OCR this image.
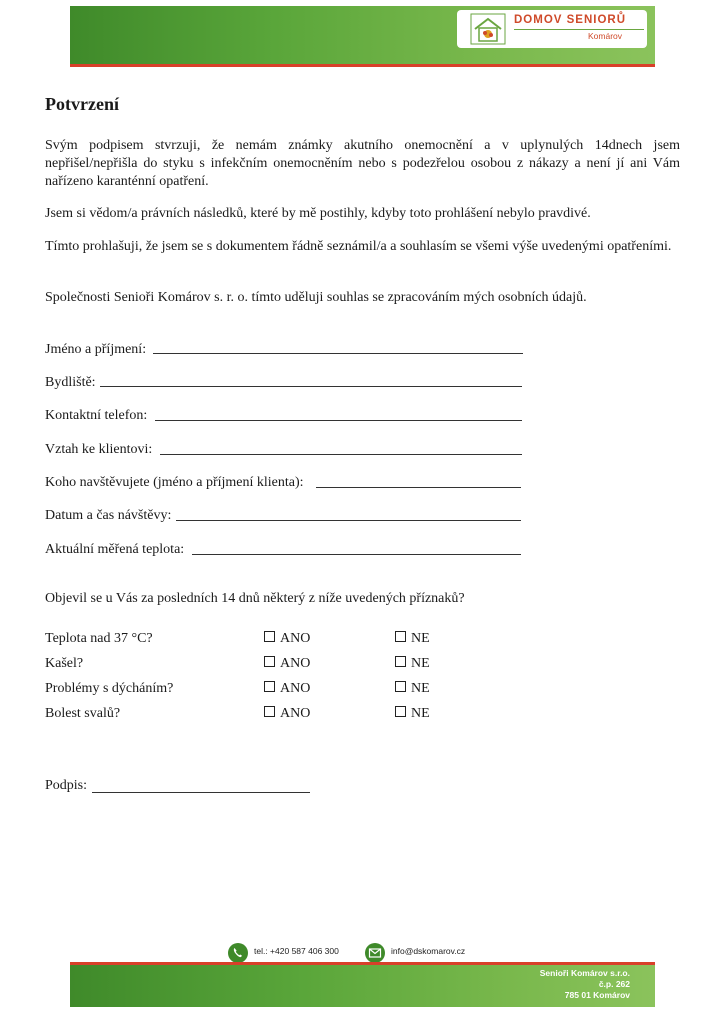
DOMOV SENIORŮ
Komárov
Potvrzení
Svým podpisem stvrzuji, že nemám známky akutního onemocnění a v uplynulých 14dnech jsem nepřišel/nepřišla do styku s infekčním onemocněním nebo s podezřelou osobou z nákazy a není jí ani Vám nařízeno karanténní opatření.
Jsem si vědom/a právních následků, které by mě postihly, kdyby toto prohlášení nebylo pravdivé.
Tímto prohlašuji, že jsem se s dokumentem řádně seznámil/a a souhlasím se všemi výše uvedenými opatřeními.
Společnosti Senioři Komárov s. r. o. tímto uděluji souhlas se zpracováním mých osobních údajů.
Jméno a příjmení:
Bydliště:
Kontaktní telefon:
Vztah ke klientovi:
Koho navštěvujete (jméno a příjmení klienta):
Datum a čas návštěvy:
Aktuální měřená teplota:
Objevil se u Vás za posledních 14 dnů některý z níže uvedených příznaků?
Teplota nad 37 °C?	ANO	NE
Kašel?	ANO	NE
Problémy s dýcháním?	ANO	NE
Bolest svalů?	ANO	NE
Podpis:
tel.: +420 587 406 300	info@dskomarov.cz
Senioři Komárov s.r.o.
č.p. 262
785 01 Komárov
